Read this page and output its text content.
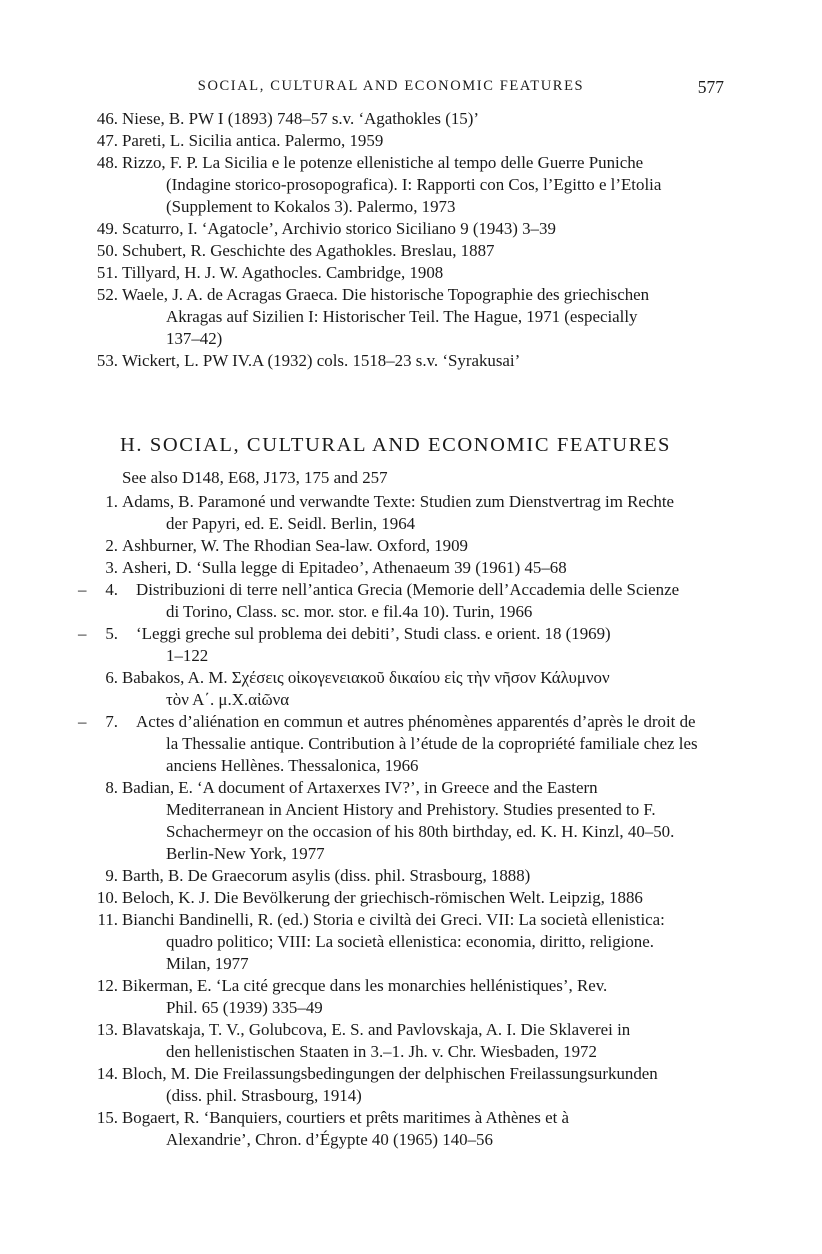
SOCIAL, CULTURAL AND ECONOMIC FEATURES	577
46 . Niese, B. PW I (1893) 748–57 s.v. ‘Agathokles (15)’
47 . Pareti, L. Sicilia antica. Palermo, 1959
48 . Rizzo, F. P. La Sicilia e le potenze ellenistiche al tempo delle Guerre Puniche
(Indagine storico-prosopografica). I: Rapporti con Cos, l’Egitto e l’Etolia
(Supplement to Kokalos 3). Palermo, 1973
49 . Scaturro, I. ‘Agatocle’, Archivio storico Siciliano 9 (1943) 3–39
50 . Schubert, R. Geschichte des Agathokles. Breslau, 1887
51 . Tillyard, H. J. W. Agathocles. Cambridge, 1908
52 . Waele, J. A. de Acragas Graeca. Die historische Topographie des griechischen
Akragas auf Sizilien I: Historischer Teil. The Hague, 1971 (especially
137–42)
53 . Wickert, L. PW IV.A (1932) cols. 1518–23 s.v. ‘Syrakusai’
H. SOCIAL, CULTURAL AND ECONOMIC FEATURES
See also D148, E68, J173, 175 and 257
1 . Adams, B. Paramoné und verwandte Texte: Studien zum Dienstvertrag im Rechte
der Papyri, ed. E. Seidl. Berlin, 1964
2 . Ashburner, W. The Rhodian Sea-law. Oxford, 1909
3 . Asheri, D. ‘Sulla legge di Epitadeo’, Athenaeum 39 (1961) 45–68
4 .
–	Distribuzioni di terre nell’antica Grecia (Memorie dell’Accademia delle Scienze
di Torino, Class. sc. mor. stor. e fil.4a 10). Turin, 1966
5 .
–	‘Leggi greche sul problema dei debiti’, Studi class. e orient. 18 (1969)
1–122
6 . Babakos, A. M. Σχέσεις οἰκογενειακοῦ δικαίου εἰς τὴν νῆσον Κάλυμνον
τὸν Α΄. μ.Χ.αἰῶνα
7 .
–	Actes d’aliénation en commun et autres phénomènes apparentés d’après le droit de
la Thessalie antique. Contribution à l’étude de la copropriété familiale chez les
anciens Hellènes. Thessalonica, 1966
8 . Badian, E. ‘A document of Artaxerxes IV?’, in Greece and the Eastern
Mediterranean in Ancient History and Prehistory. Studies presented to F.
Schachermeyr on the occasion of his 80th birthday, ed. K. H. Kinzl, 40–50.
Berlin-New York, 1977
9 . Barth, B. De Graecorum asylis (diss. phil. Strasbourg, 1888)
10 . Beloch, K. J. Die Bevölkerung der griechisch-römischen Welt. Leipzig, 1886
11 . Bianchi Bandinelli, R. (ed.) Storia e civiltà dei Greci. VII: La società ellenistica:
quadro politico; VIII: La società ellenistica: economia, diritto, religione.
Milan, 1977
12 . Bikerman, E. ‘La cité grecque dans les monarchies hellénistiques’, Rev.
Phil. 65 (1939) 335–49
13 . Blavatskaja, T. V., Golubcova, E. S. and Pavlovskaja, A. I. Die Sklaverei in
den hellenistischen Staaten in 3.–1. Jh. v. Chr. Wiesbaden, 1972
14 . Bloch, M. Die Freilassungsbedingungen der delphischen Freilassungsurkunden
(diss. phil. Strasbourg, 1914)
15 . Bogaert, R. ‘Banquiers, courtiers et prêts maritimes à Athènes et à
Alexandrie’, Chron. d’Égypte 40 (1965) 140–56
